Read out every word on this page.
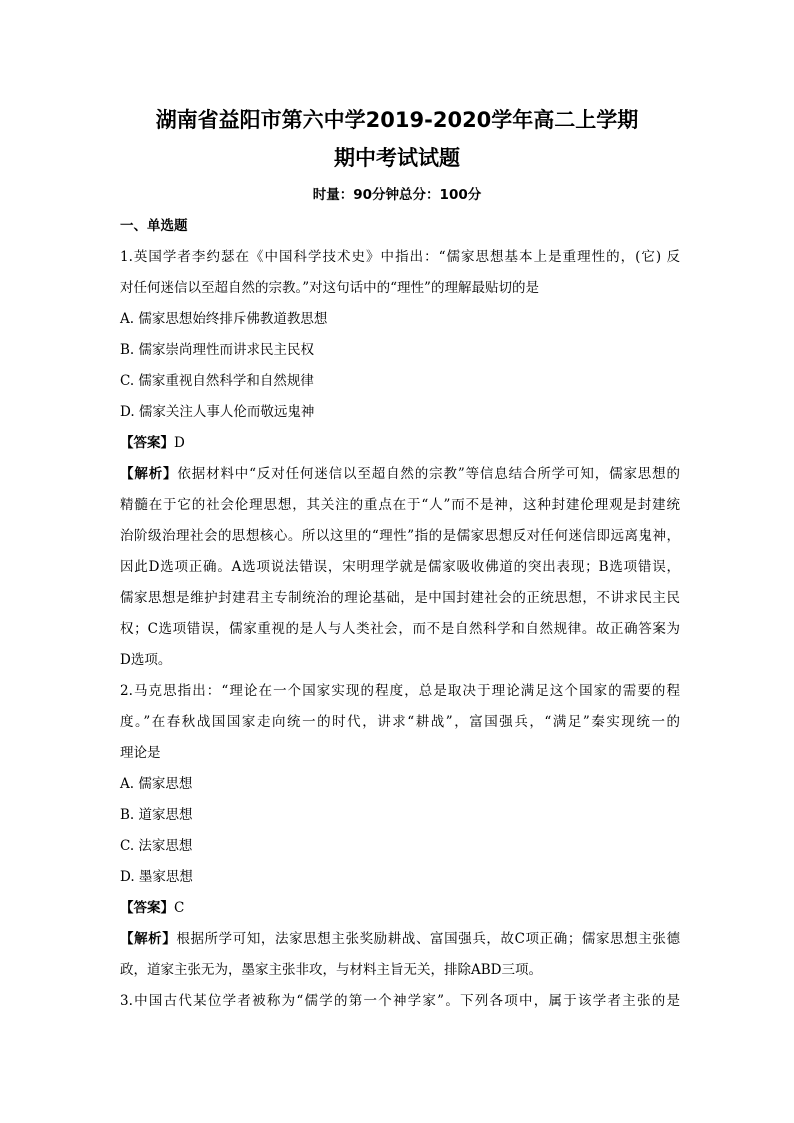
湖南省益阳市第六中学2019-2020学年高二上学期
期中考试试题
时量：90分钟总分：100分
一、单选题
1.英国学者李约瑟在《中国科学技术史》中指出：“儒家思想基本上是重理性的，(它) 反
对任何迷信以至超自然的宗教。”对这句话中的“理性”的理解最贴切的是
A. 儒家思想始终排斥佛教道教思想
B. 儒家崇尚理性而讲求民主民权
C. 儒家重视自然科学和自然规律
D. 儒家关注人事人伦而敬远鬼神
【答案】D
【解析】依据材料中“反对任何迷信以至超自然的宗教”等信息结合所学可知，儒家思想的
精髓在于它的社会伦理思想，其关注的重点在于“人”而不是神，这种封建伦理观是封建统
治阶级治理社会的思想核心。所以这里的“理性”指的是儒家思想反对任何迷信即远离鬼神，
因此D选项正确。A选项说法错误，宋明理学就是儒家吸收佛道的突出表现；B选项错误，
儒家思想是维护封建君主专制统治的理论基础，是中国封建社会的正统思想，不讲求民主民
权；C选项错误，儒家重视的是人与人类社会，而不是自然科学和自然规律。故正确答案为
D选项。
2.马克思指出：“理论在一个国家实现的程度，总是取决于理论满足这个国家的需要的程
度。”在春秋战国国家走向统一的时代，讲求“耕战”，富国强兵，“满足”秦实现统一的
理论是
A. 儒家思想
B. 道家思想
C. 法家思想
D. 墨家思想
【答案】C
【解析】根据所学可知，法家思想主张奖励耕战、富国强兵，故C项正确；儒家思想主张德
政，道家主张无为，墨家主张非攻，与材料主旨无关，排除ABD三项。
3.中国古代某位学者被称为“儒学的第一个神学家”。下列各项中，属于该学者主张的是
